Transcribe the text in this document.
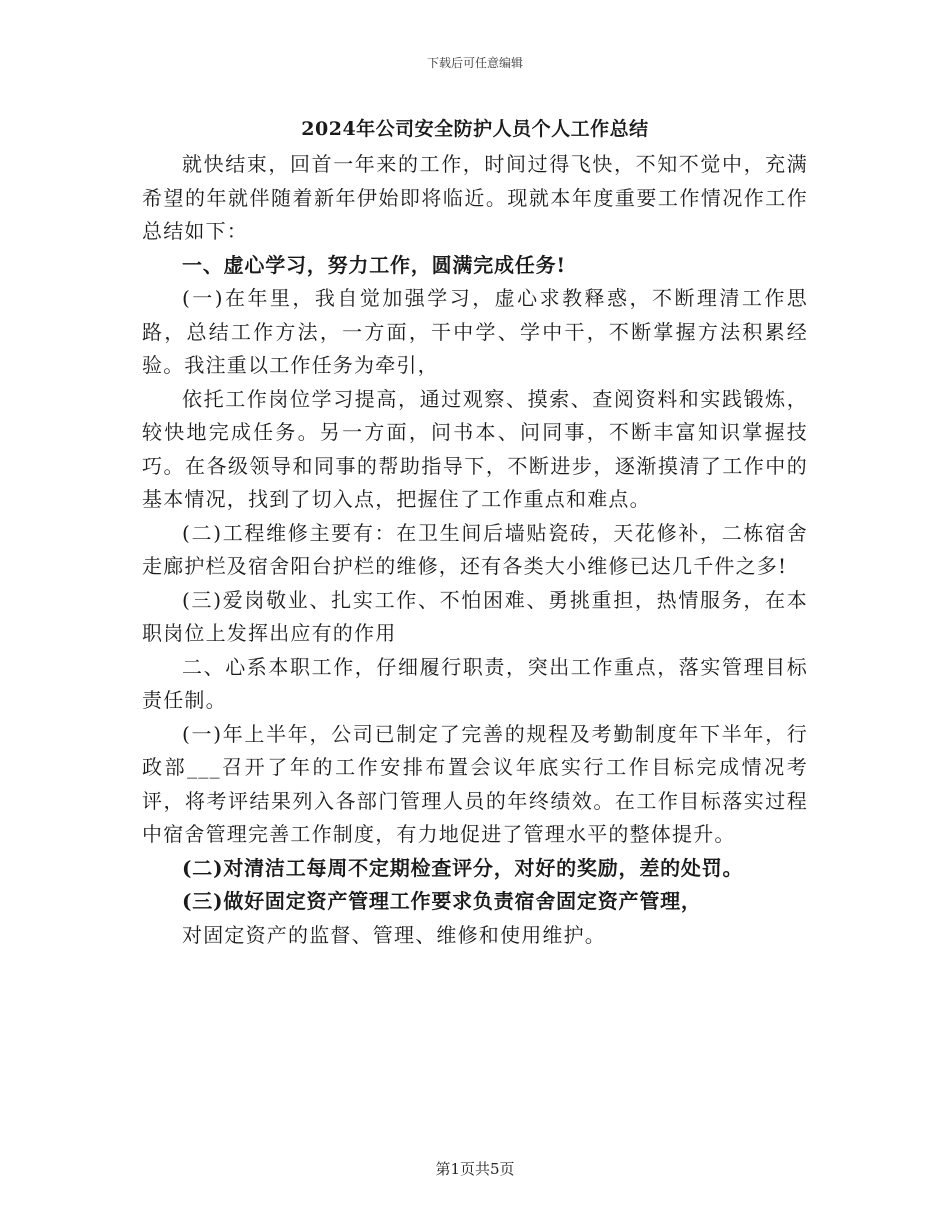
下载后可任意编辑
2024年公司安全防护人员个人工作总结

就快结束，回首一年来的工作，时间过得飞快，不知不觉中，充满希望的年就伴随着新年伊始即将临近。现就本年度重要工作情况作工作总结如下：

一、虚心学习，努力工作，圆满完成任务!

(一)在年里，我自觉加强学习，虚心求教释惑，不断理清工作思路，总结工作方法，一方面，干中学、学中干，不断掌握方法积累经验。我注重以工作任务为牵引，

依托工作岗位学习提高，通过观察、摸索、查阅资料和实践锻炼，较快地完成任务。另一方面，问书本、问同事，不断丰富知识掌握技巧。在各级领导和同事的帮助指导下，不断进步，逐渐摸清了工作中的基本情况，找到了切入点，把握住了工作重点和难点。

(二)工程维修主要有：在卫生间后墙贴瓷砖，天花修补，二栋宿舍走廊护栏及宿舍阳台护栏的维修，还有各类大小维修已达几千件之多!

(三)爱岗敬业、扎实工作、不怕困难、勇挑重担，热情服务，在本职岗位上发挥出应有的作用

二、心系本职工作，仔细履行职责，突出工作重点，落实管理目标责任制。

(一)年上半年，公司已制定了完善的规程及考勤制度年下半年，行政部___召开了年的工作安排布置会议年底实行工作目标完成情况考评，将考评结果列入各部门管理人员的年终绩效。在工作目标落实过程中宿舍管理完善工作制度，有力地促进了管理水平的整体提升。

(二)对清洁工每周不定期检查评分，对好的奖励，差的处罚。

(三)做好固定资产管理工作要求负责宿舍固定资产管理，

对固定资产的监督、管理、维修和使用维护。

第1页共5页
